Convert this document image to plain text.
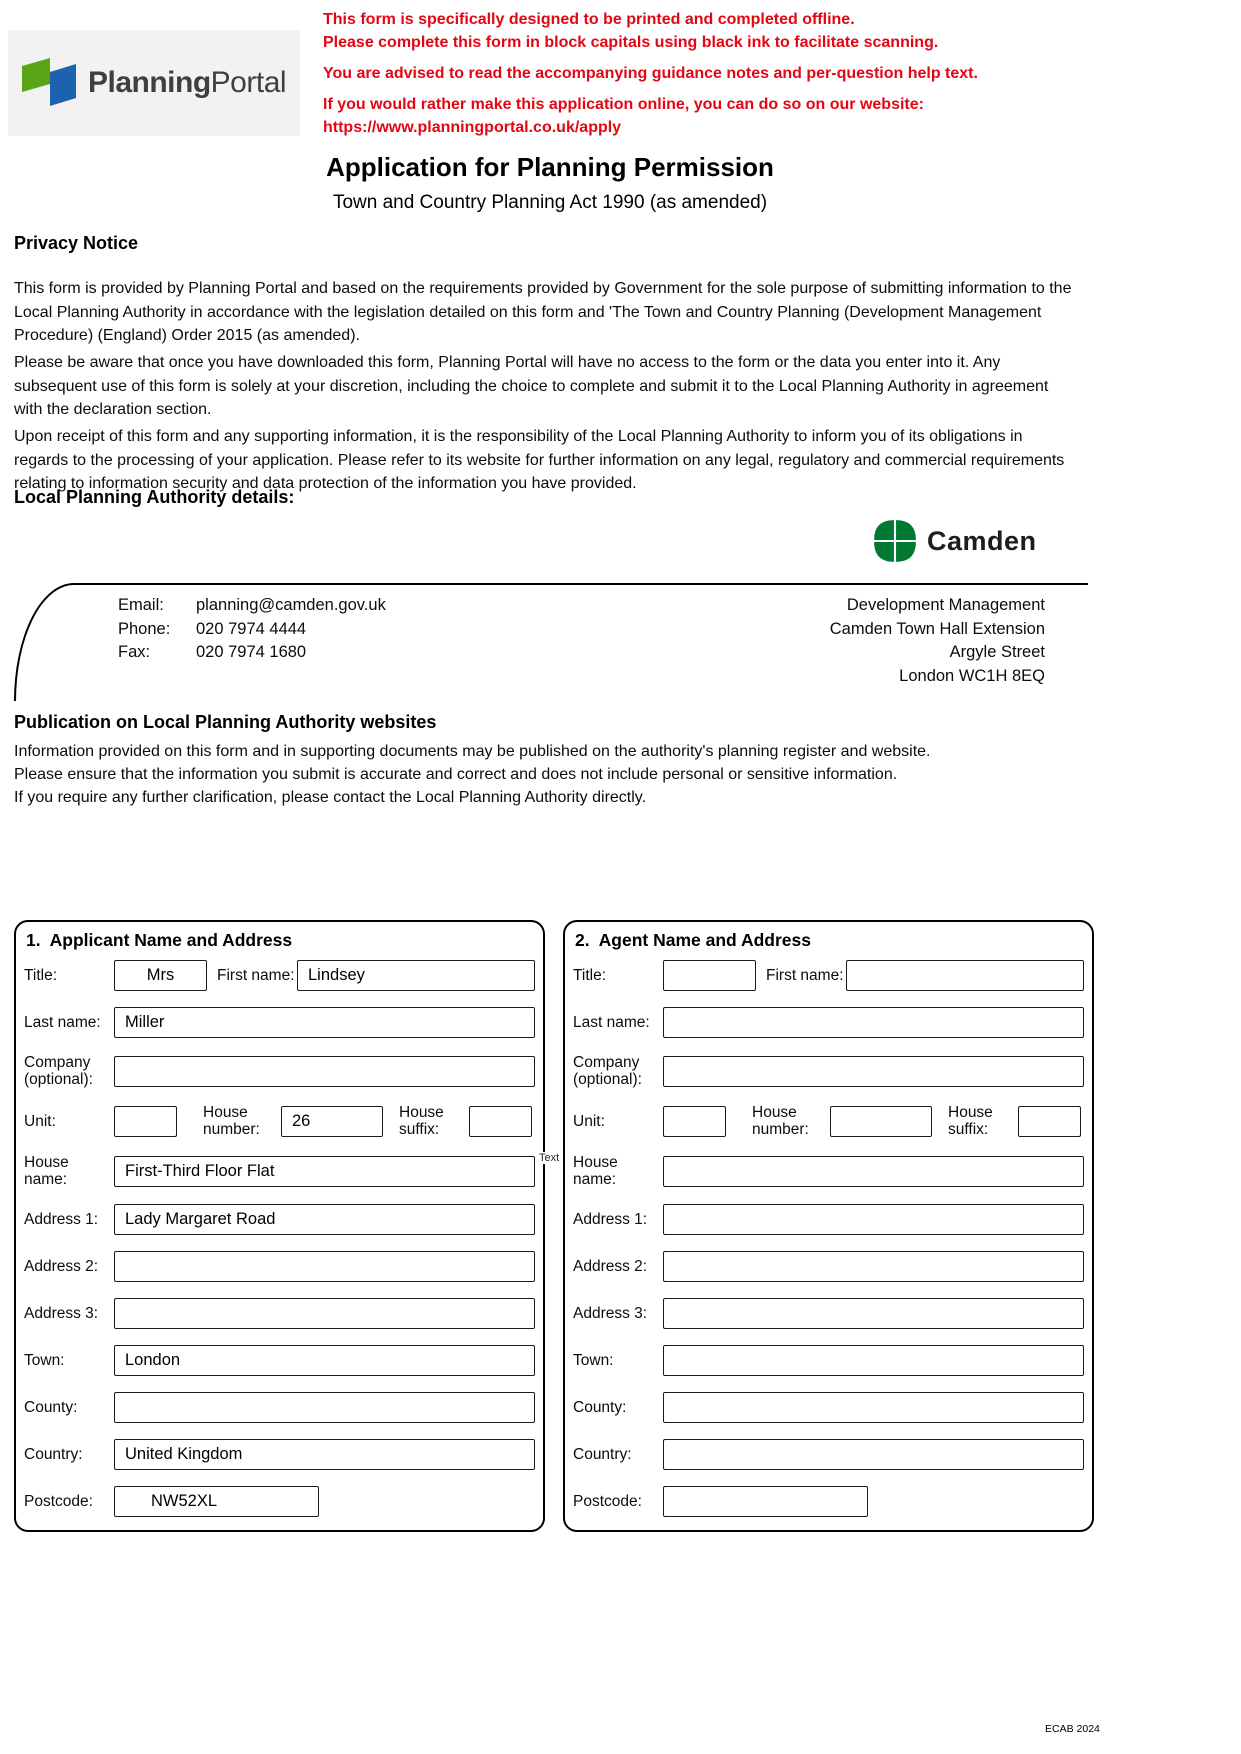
PlanningPortal
This form is specifically designed to be printed and completed offline.
Please complete this form in block capitals using black ink to facilitate scanning.
You are advised to read the accompanying guidance notes and per-question help text.
If you would rather make this application online, you can do so on our website:
https://www.planningportal.co.uk/apply
Application for Planning Permission
Town and Country Planning Act 1990 (as amended)
Privacy Notice

This form is provided by Planning Portal and based on the requirements provided by Government for the sole purpose of submitting information to the Local Planning Authority in accordance with the legislation detailed on this form and 'The Town and Country Planning (Development Management Procedure) (England) Order 2015 (as amended).

Please be aware that once you have downloaded this form, Planning Portal will have no access to the form or the data you enter into it. Any subsequent use of this form is solely at your discretion, including the choice to complete and submit it to the Local Planning Authority in agreement with the declaration section.

Upon receipt of this form and any supporting information, it is the responsibility of the Local Planning Authority to inform you of its obligations in regards to the processing of your application. Please refer to its website for further information on any legal, regulatory and commercial requirements relating to information security and data protection of the information you have provided.

Local Planning Authority details:
Camden
Email: planning@camden.gov.uk
Phone: 020 7974 4444
Fax:	020 7974 1680
Development Management
Camden Town Hall Extension
Argyle Street
London WC1H 8EQ
Publication on Local Planning Authority websites
Information provided on this form and in supporting documents may be published on the authority's planning register and website.
Please ensure that the information you submit is accurate and correct and does not include personal or sensitive information.
If you require any further clarification, please contact the Local Planning Authority directly.
1.  Applicant Name and Address
Title:	Mrs	First name: Lindsey
Last name:	Miller
Company (optional):
Unit:	House number:	26	House suffix:
House name:	First-Third Floor Flat
Address 1:	Lady Margaret Road
Address 2:
Address 3:
Town:	London
County:
Country:	United Kingdom
Postcode:	NW52XL
2.  Agent Name and Address
Title:	First name:
Last name:
Company (optional):
Unit:	House number:
House suffix:
House name:
Address 1:
Address 2:
Address 3:
Town:
County:
Country:
Postcode:
Text
ECAB 2024
